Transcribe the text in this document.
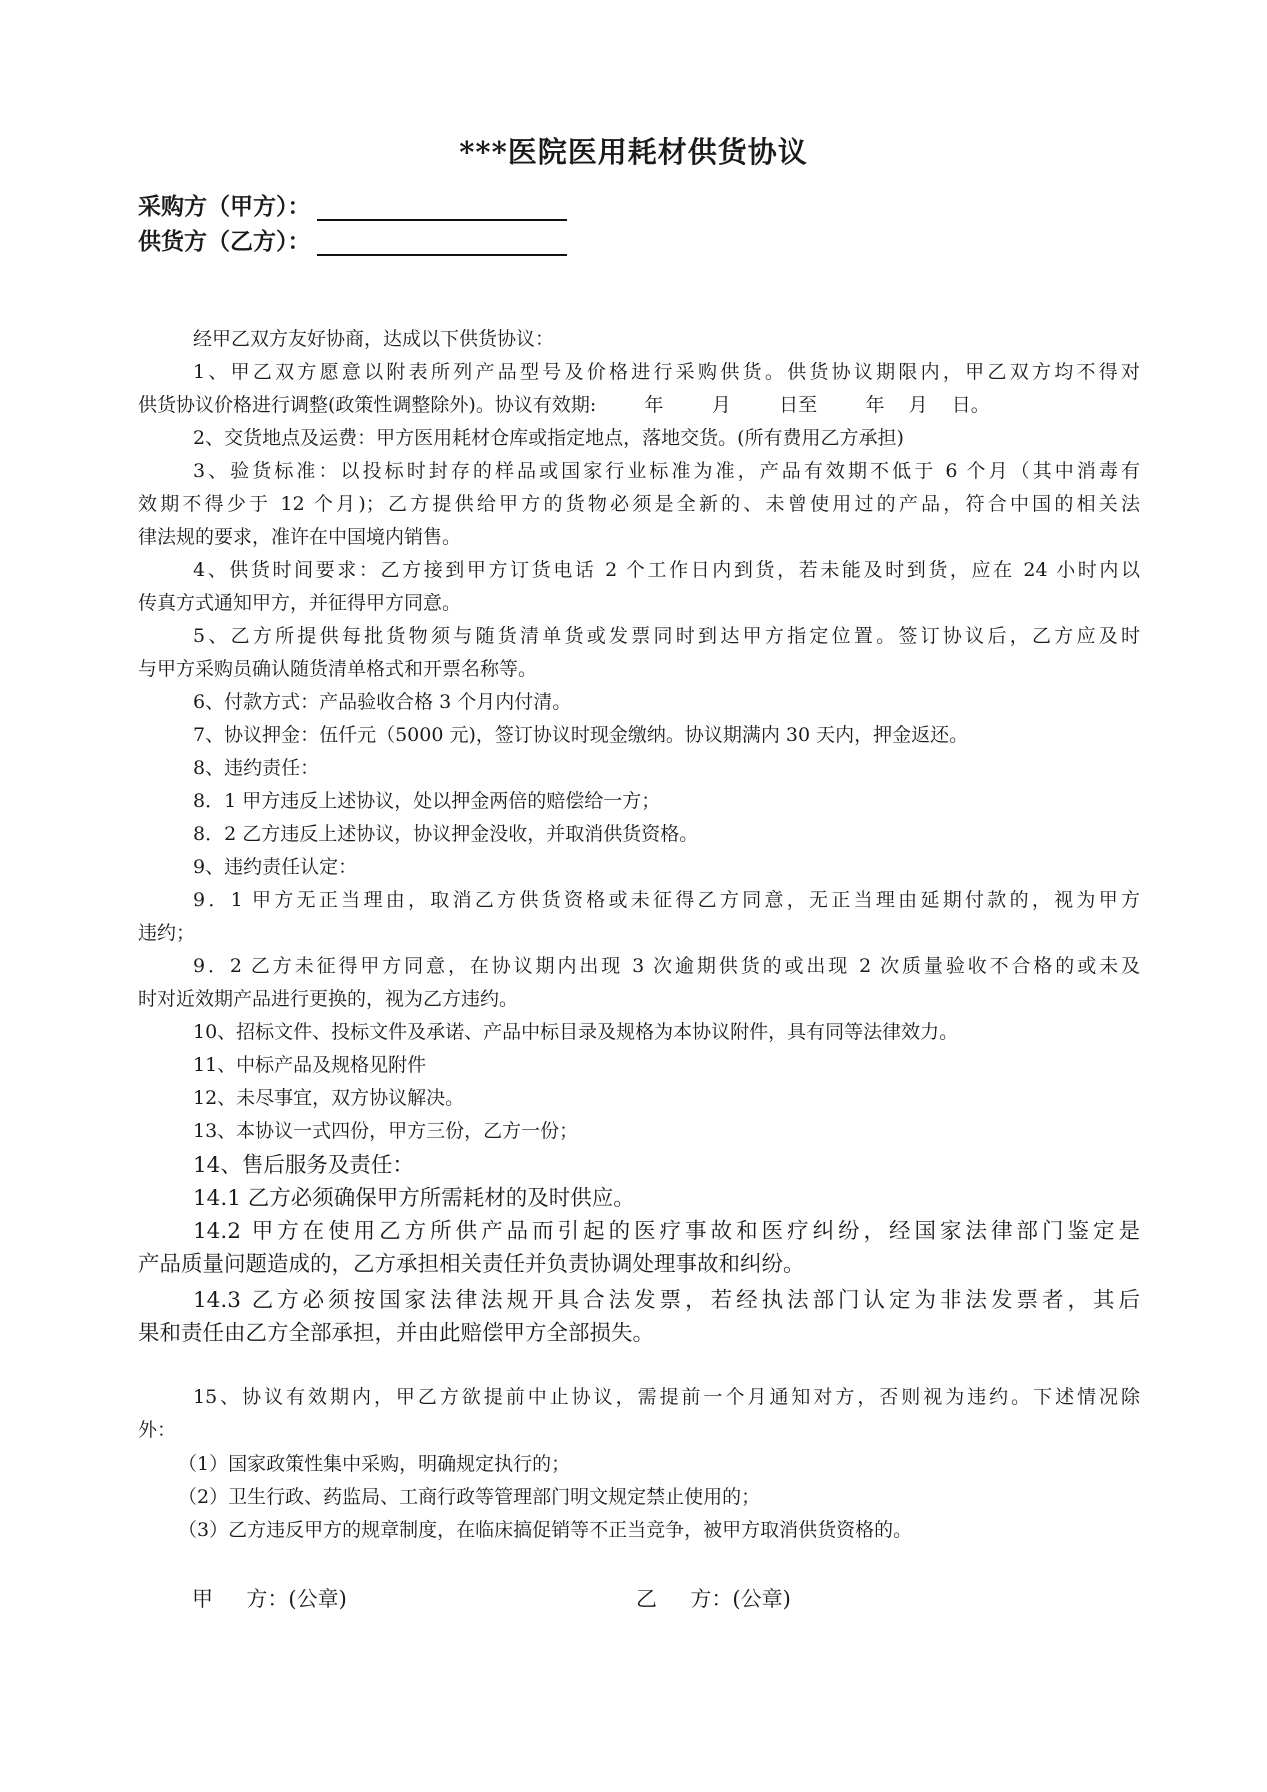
***医院医用耗材供货协议
采购方（甲方）：
供货方（乙方）：
经甲乙双方友好协商，达成以下供货协议：
1、甲乙双方愿意以附表所列产品型号及价格进行采购供货。供货协议期限内，甲乙双方均不得对
供货协议价格进行调整(政策性调整除外)。协议有效期:        年        月        日至        年    月    日。
2、交货地点及运费：甲方医用耗材仓库或指定地点，落地交货。(所有费用乙方承担)
3、验货标准：以投标时封存的样品或国家行业标准为准，产品有效期不低于 6 个月（其中消毒有
效期不得少于 12 个月)；乙方提供给甲方的货物必须是全新的、未曾使用过的产品，符合中国的相关法
律法规的要求，准许在中国境内销售。
4、供货时间要求：乙方接到甲方订货电话 2 个工作日内到货，若未能及时到货，应在 24 小时内以
传真方式通知甲方，并征得甲方同意。
5、乙方所提供每批货物须与随货清单货或发票同时到达甲方指定位置。签订协议后，乙方应及时
与甲方采购员确认随货清单格式和开票名称等。
6、付款方式：产品验收合格 3 个月内付清。
7、协议押金：伍仟元（5000 元)，签订协议时现金缴纳。协议期满内 30 天内，押金返还。
8、违约责任：
8．1 甲方违反上述协议，处以押金两倍的赔偿给一方；
8．2 乙方违反上述协议，协议押金没收，并取消供货资格。
9、违约责任认定：
9．1 甲方无正当理由，取消乙方供货资格或未征得乙方同意，无正当理由延期付款的，视为甲方
违约；
9．2 乙方未征得甲方同意，在协议期内出现 3 次逾期供货的或出现 2 次质量验收不合格的或未及
时对近效期产品进行更换的，视为乙方违约。
10、招标文件、投标文件及承诺、产品中标目录及规格为本协议附件，具有同等法律效力。
11、中标产品及规格见附件
12、未尽事宜，双方协议解决。
13、本协议一式四份，甲方三份，乙方一份；
14、售后服务及责任：
14.1 乙方必须确保甲方所需耗材的及时供应。
14.2 甲方在使用乙方所供产品而引起的医疗事故和医疗纠纷，经国家法律部门鉴定是
产品质量问题造成的，乙方承担相关责任并负责协调处理事故和纠纷。
14.3 乙方必须按国家法律法规开具合法发票，若经执法部门认定为非法发票者，其后
果和责任由乙方全部承担，并由此赔偿甲方全部损失。
15、协议有效期内，甲乙方欲提前中止协议，需提前一个月通知对方，否则视为违约。下述情况除
外：
（1）国家政策性集中采购，明确规定执行的；
（2）卫生行政、药监局、工商行政等管理部门明文规定禁止使用的；
（3）乙方违反甲方的规章制度，在临床搞促销等不正当竞争，被甲方取消供货资格的。
甲     方：(公章)	乙     方：(公章)
